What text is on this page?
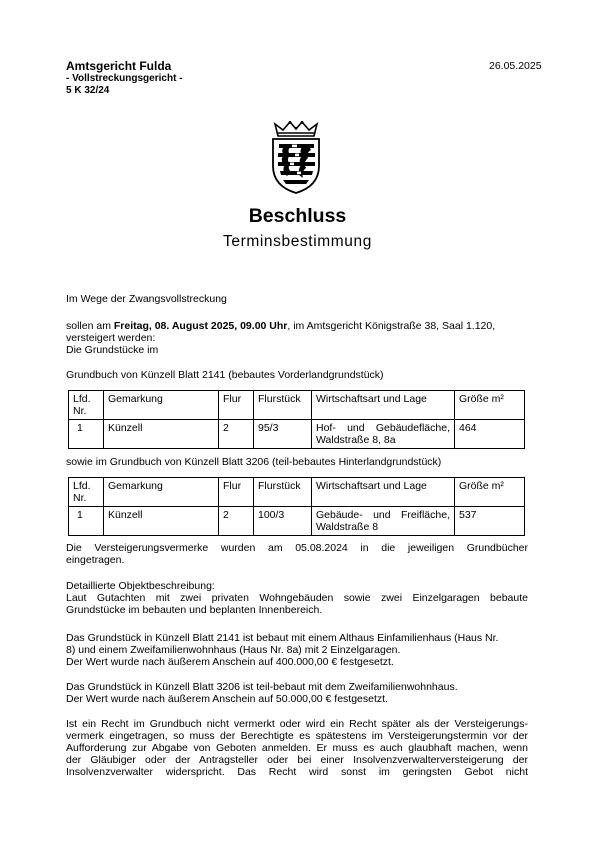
Amtsgericht Fulda
- Vollstreckungsgericht -
5 K 32/24
26.05.2025
Beschluss
Terminsbestimmung
Im Wege der Zwangsvollstreckung
sollen am Freitag, 08. August 2025, 09.00 Uhr, im Amtsgericht Königstraße 38, Saal 1.120,
versteigert werden:
Die Grundstücke im
Grundbuch von Künzell Blatt 2141 (bebautes Vorderlandgrundstück)
Lfd. Nr.	Gemarkung	Flur	Flurstück	Wirtschaftsart und Lage	Größe m²
1	Künzell	2	95/3	Hof- und Gebäudefläche, Waldstraße 8, 8a	464
sowie im Grundbuch von Künzell Blatt 3206 (teil-bebautes Hinterlandgrundstück)
Lfd. Nr.	Gemarkung	Flur	Flurstück	Wirtschaftsart und Lage	Größe m²
1	Künzell	2	100/3	Gebäude- und Freifläche, Waldstraße 8	537
Die Versteigerungsvermerke wurden am 05.08.2024 in die jeweiligen Grundbücher
eingetragen.
Detaillierte Objektbeschreibung:
Laut Gutachten mit zwei privaten Wohngebäuden sowie zwei Einzelgaragen bebaute
Grundstücke im bebauten und beplanten Innenbereich.
Das Grundstück in Künzell Blatt 2141 ist bebaut mit einem Althaus Einfamilienhaus (Haus Nr.
8) und einem Zweifamilienwohnhaus (Haus Nr. 8a) mit 2 Einzelgaragen.
Der Wert wurde nach äußerem Anschein auf 400.000,00 € festgesetzt.
Das Grundstück in Künzell Blatt 3206 ist teil-bebaut mit dem Zweifamilienwohnhaus.
Der Wert wurde nach äußerem Anschein auf 50.000,00 € festgesetzt.
Ist ein Recht im Grundbuch nicht vermerkt oder wird ein Recht später als der Versteigerungs-
vermerk eingetragen, so muss der Berechtigte es spätestens im Versteigerungstermin vor der
Aufforderung zur Abgabe von Geboten anmelden. Er muss es auch glaubhaft machen, wenn
der Gläubiger oder der Antragsteller oder bei einer Insolvenzverwalterversteigerung der
Insolvenzverwalter widerspricht. Das Recht wird sonst im geringsten Gebot nicht
